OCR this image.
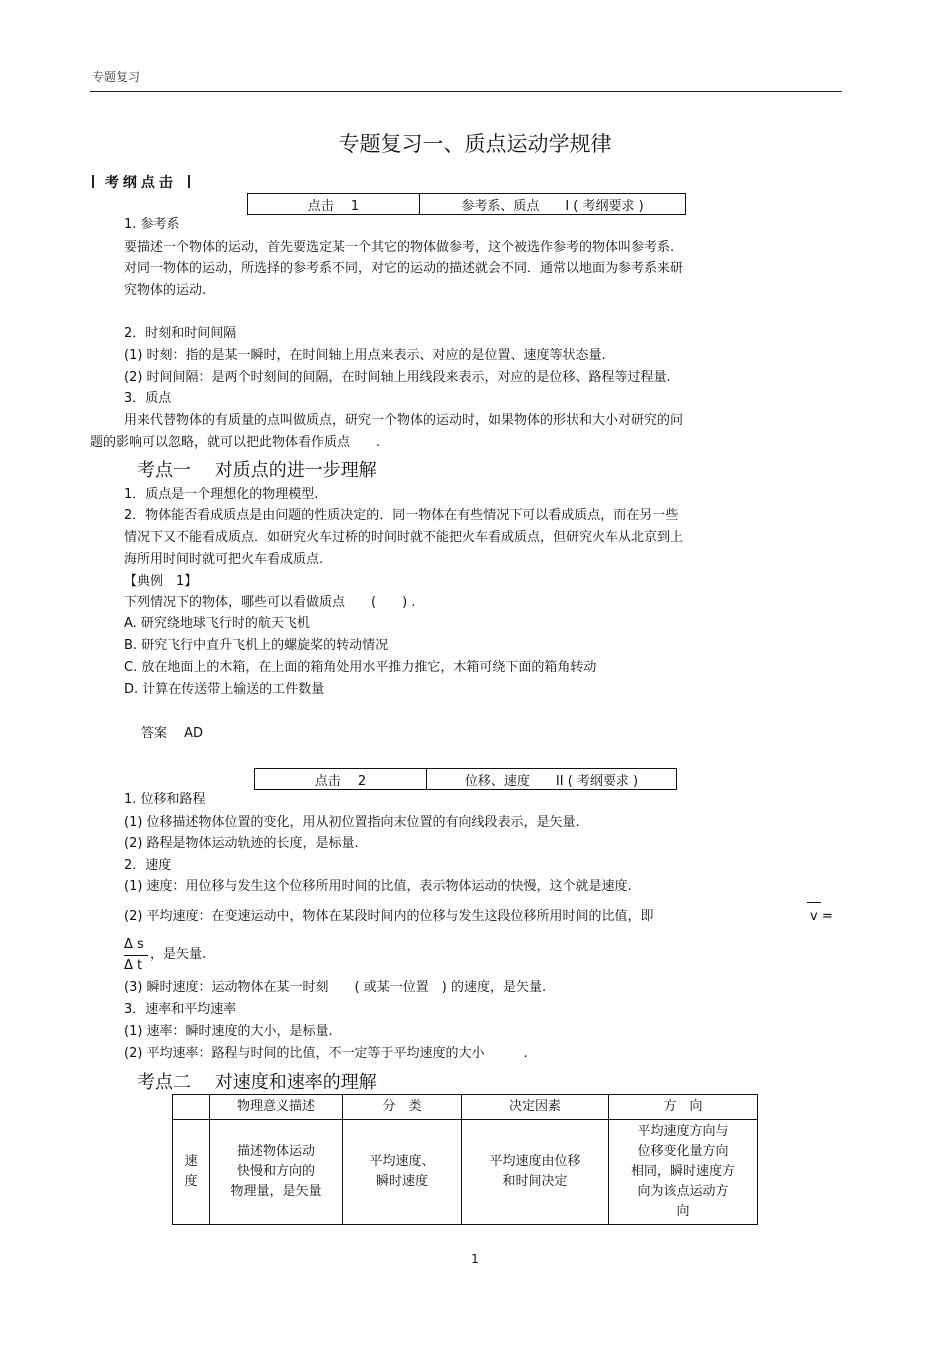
专题复习
专题复习一、质点运动学规律
考纲点击
点击　 1	参考系、质点　　I ( 考纲要求 )
1. 参考系
要描述一个物体的运动，首先要选定某一个其它的物体做参考，这个被选作参考的物体叫参考系.
对同一物体的运动，所选择的参考系不同，对它的运动的描述就会不同．通常以地面为参考系来研
究物体的运动.
2．时刻和时间间隔
(1) 时刻：指的是某一瞬时，在时间轴上用点来表示、对应的是位置、速度等状态量.
(2) 时间间隔：是两个时刻间的间隔，在时间轴上用线段来表示，对应的是位移、路程等过程量.
3．质点
用来代替物体的有质量的点叫做质点，研究一个物体的运动时，如果物体的形状和大小对研究的问
题的影响可以忽略，就可以把此物体看作质点　　.
考点一　 对质点的进一步理解
1．质点是一个理想化的物理模型.
2．物体能否看成质点是由问题的性质决定的．同一物体在有些情况下可以看成质点，而在另一些
情况下又不能看成质点．如研究火车过桥的时间时就不能把火车看成质点，但研究火车从北京到上
海所用时间时就可把火车看成质点.
【典例　1】
下列情况下的物体，哪些可以看做质点　　(　　) .
A. 研究绕地球飞行时的航天飞机
B. 研究飞行中直升飞机上的螺旋桨的转动情况
C. 放在地面上的木箱，在上面的箱角处用水平推力推它，木箱可绕下面的箱角转动
D. 计算在传送带上输送的工件数量
答案　 AD
点击　 2	位移、速度　　II ( 考纲要求 )
1. 位移和路程
(1) 位移描述物体位置的变化，用从初位置指向末位置的有向线段表示，是矢量.
(2) 路程是物体运动轨迹的长度，是标量.
2．速度
(1) 速度：用位移与发生这个位移所用时间的比值，表示物体运动的快慢，这个就是速度.
(2) 平均速度：在变速运动中，物体在某段时间内的位移与发生这段位移所用时间的比值，即	v =
Δ s
Δ t
，是矢量.
(3) 瞬时速度：运动物体在某一时刻　　( 或某一位置　) 的速度，是矢量.
3．速率和平均速率
(1) 速率：瞬时速度的大小，是标量.
(2) 平均速率：路程与时间的比值，不一定等于平均速度的大小　　　.
考点二　 对速度和速率的理解
	物理意义描述	分　类	决定因素	方　向
速
度	描述物体运动
快慢和方向的
物理量，是矢量	平均速度、
瞬时速度	平均速度由位移
和时间决定	平均速度方向与
位移变化量方向
相同，瞬时速度方
向为该点运动方
向
1
